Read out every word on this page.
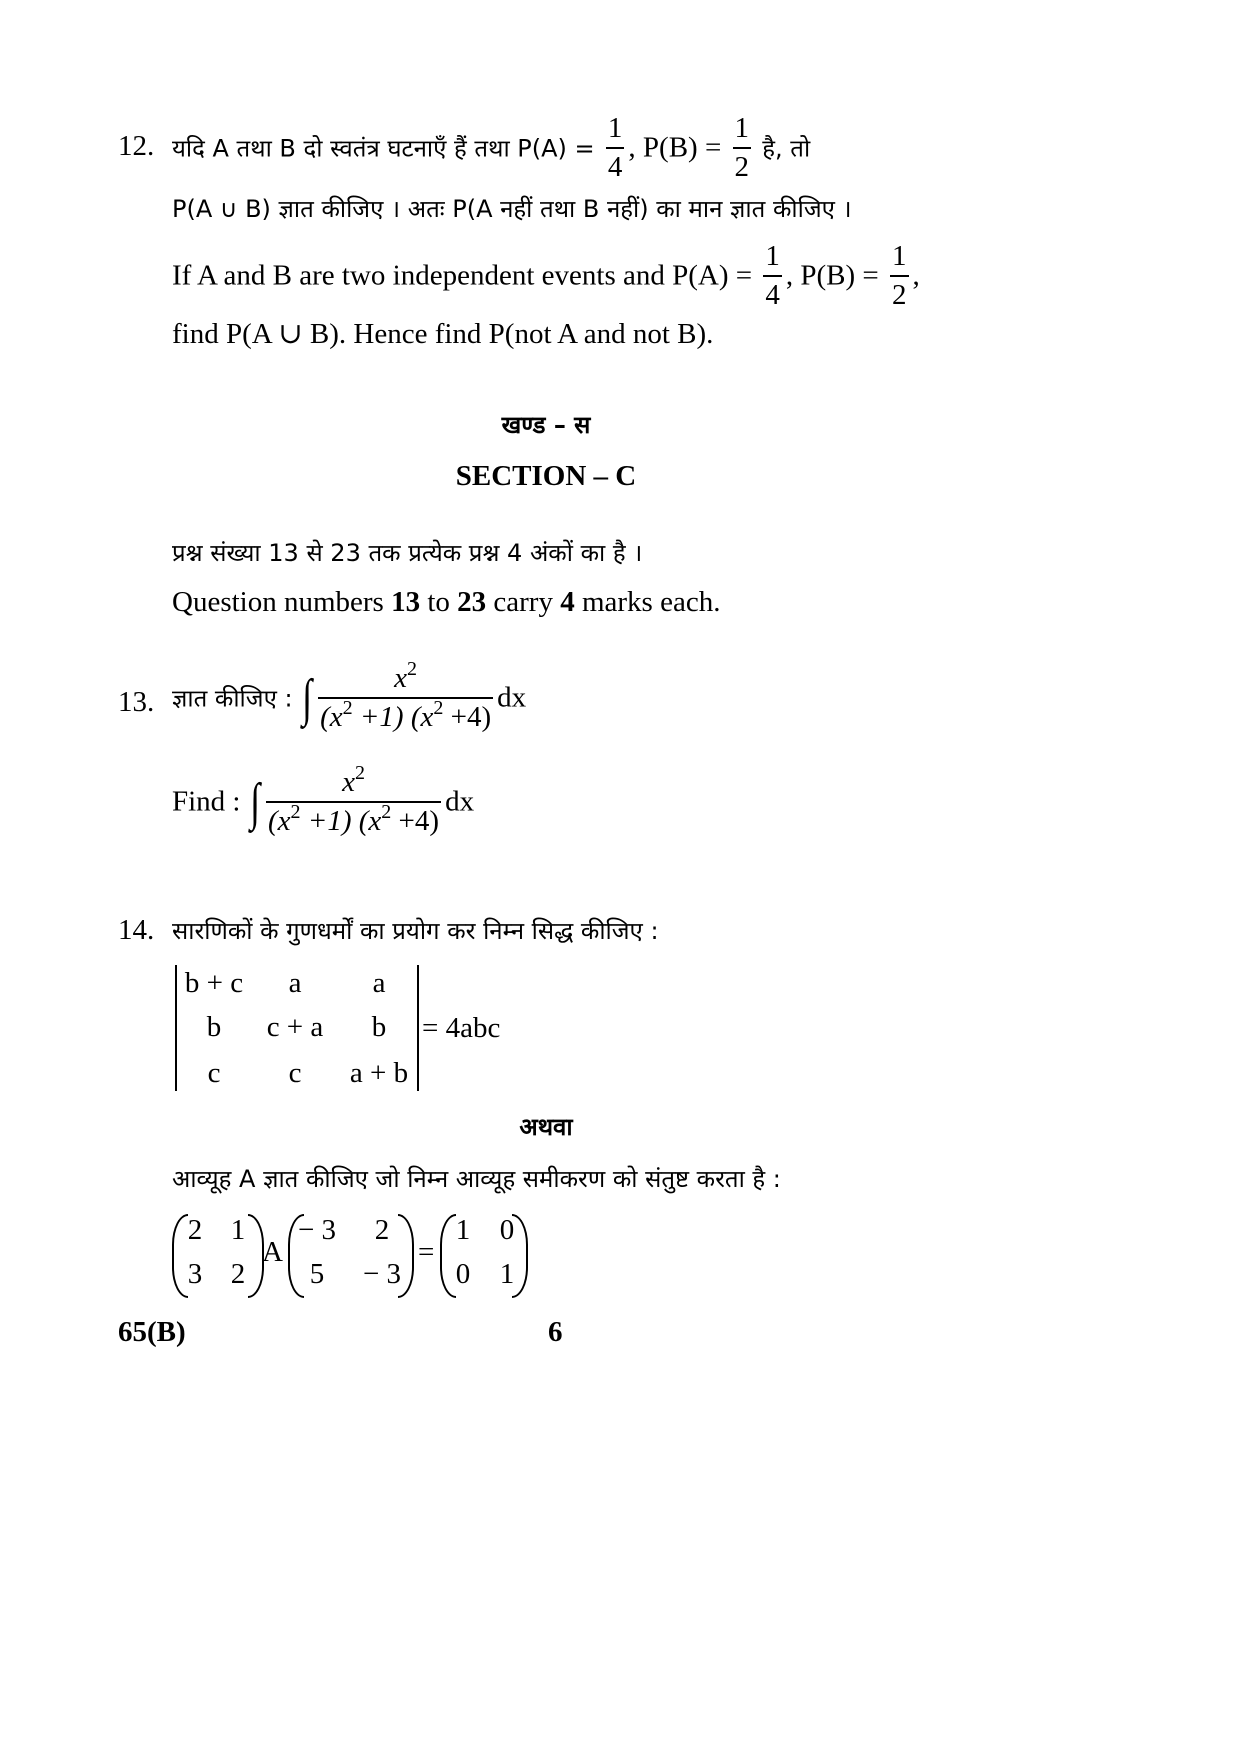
12. यदि A तथा B दो स्वतंत्र घटनाएँ हैं तथा $P(A) = \frac{1}{4}$ , $P(B) = \frac{1}{2}$ है, तो
P(A ∪ B) ज्ञात कीजिए । अतः P(A नहीं तथा B नहीं) का मान ज्ञात कीजिए ।
If A and B are two independent events and $P(A) = \frac{1}{4}$ , $P(B) = \frac{1}{2}$ ,
find P(A ∪ B). Hence find P(not A and not B).
खण्ड – स
SECTION – C
प्रश्न संख्या 13 से 23 तक प्रत्येक प्रश्न 4 अंकों का है ।
Question numbers 13 to 23 carry 4 marks each.
13. ज्ञात कीजिए : ∫ $\frac{x^2}{(x^2 +1) (x^2 +4)}$ dx
Find : ∫ $\frac{x^2}{(x^2 +1) (x^2 +4)}$ dx
14. सारणिकों के गुणधर्मों का प्रयोग कर निम्न सिद्ध कीजिए :
b + c	a	a
b	c + a	b
c	c	a + b
= 4abc
अथवा
आव्यूह A ज्ञात कीजिए जो निम्न आव्यूह समीकरण को संतुष्ट करता है :
2 1
3 2
A
− 3	2
5	− 3
=
1	0
0	1
65(B)	6
